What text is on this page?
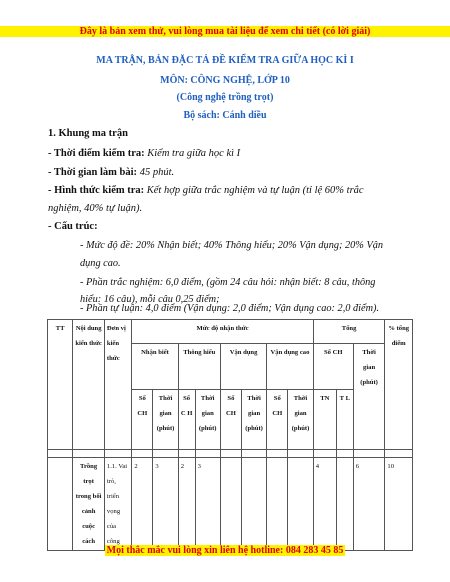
Đây là bản xem thử, vui lòng mua tài liệu để xem chi tiết (có lời giải)
MA TRẬN, BẢN ĐẶC TẢ ĐỀ KIỂM TRA GIỮA HỌC KÌ I
MÔN: CÔNG NGHỆ, LỚP 10
(Công nghệ trồng trọt)
Bộ sách: Cánh diều
1. Khung ma trận
- Thời điểm kiểm tra: Kiểm tra giữa học kì I
- Thời gian làm bài: 45 phút.
- Hình thức kiểm tra: Kết hợp giữa trắc nghiệm và tự luận (tỉ lệ 60% trắc
nghiệm, 40% tự luận).
- Cấu trúc:
- Mức độ đề: 20% Nhận biết; 40% Thông hiểu; 20% Vận dụng; 20% Vận
dụng cao.
- Phần trắc nghiệm: 6,0 điểm, (gồm 24 câu hỏi: nhận biết: 8 câu, thông
hiểu: 16 câu), mỗi câu 0,25 điểm;
- Phần tự luận: 4,0 điểm (Vận dụng: 2,0 điểm; Vận dụng cao: 2,0 điểm).
TT	Nội dung kiến thức	Đơn vị kiến thức	Mức độ nhận thức								Tổng			% tổng điểm
			Nhận biết		Thông hiểu		Vận dụng		Vận dụng cao		Số CH		Thời gian (phút)	
			Số CH	Thời gian (phút)	Số C H	Thời gian (phút)	Số CH	Thời gian (phút)	Số CH	Thời gian (phút)	TN	T L		

	Trồng trọt trong bối cảnh cuộc cách	1.1. Vai trò, triển vọng của công	2	3	2	3					4		6	10
Mọi thắc mắc vui lòng xin liên hệ hotline: 084 283 45 85
